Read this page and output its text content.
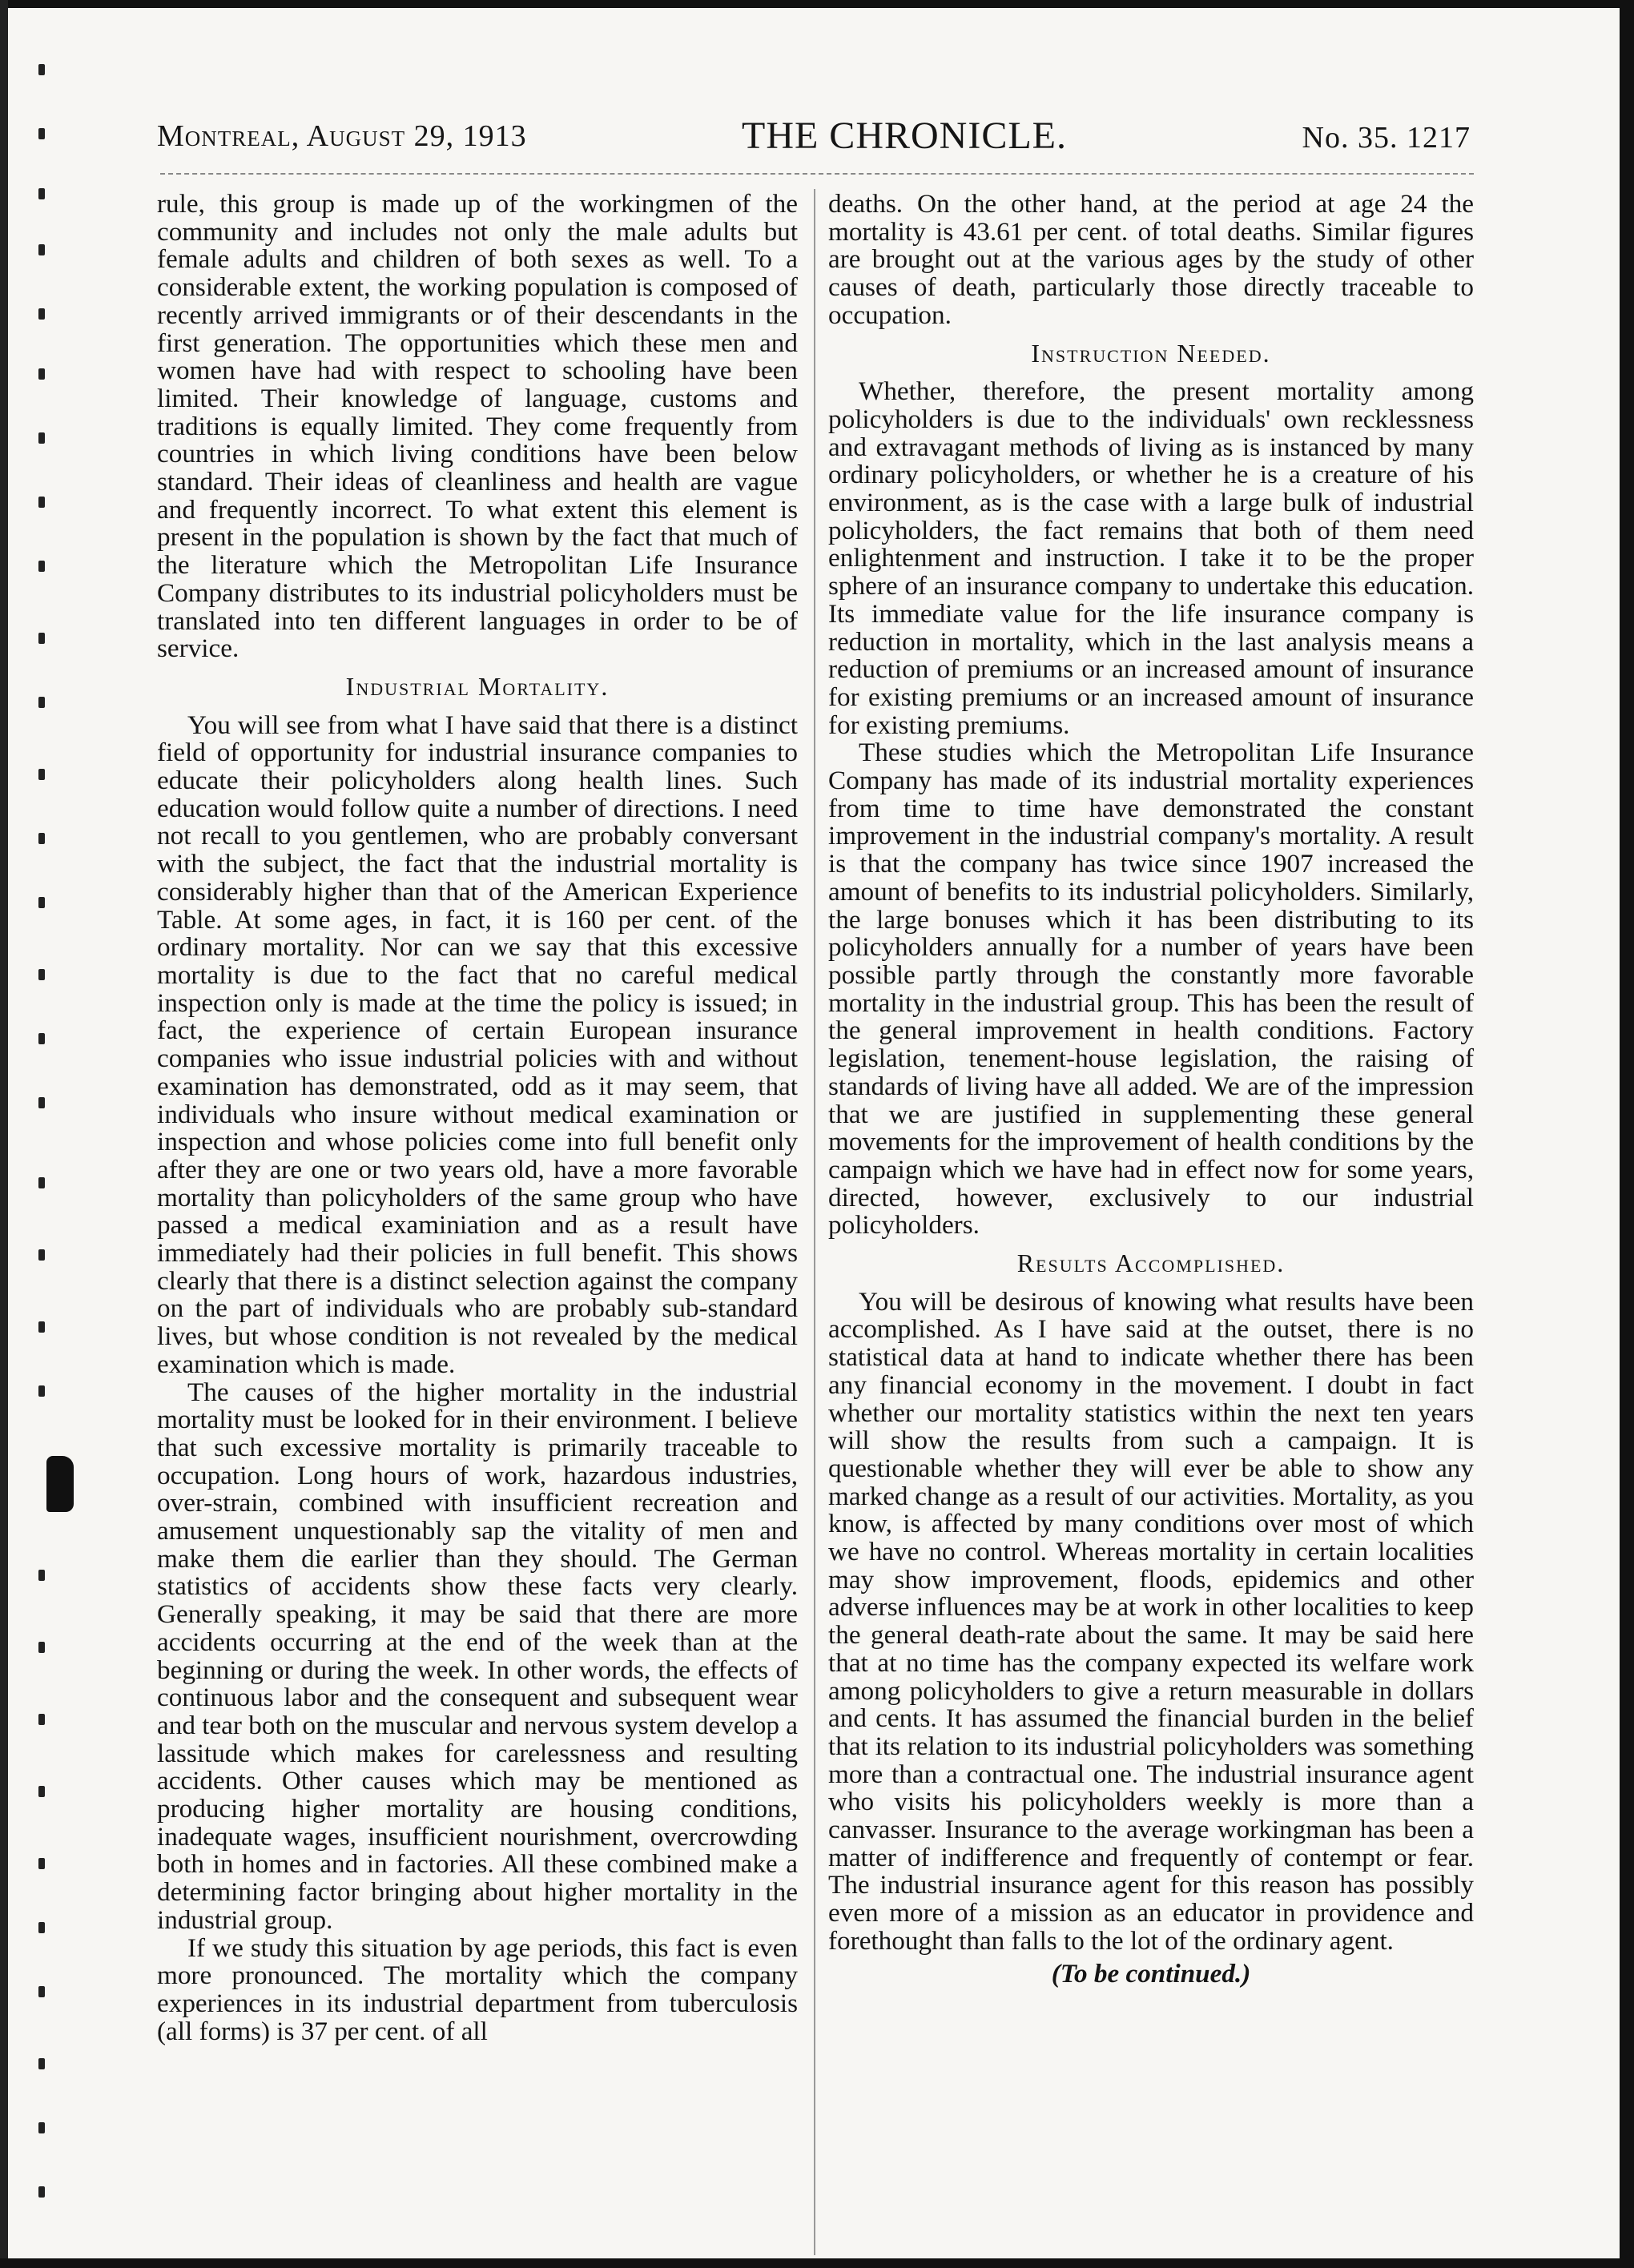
Montreal, August 29, 1913	THE CHRONICLE.	No. 35. 1217

rule, this group is made up of the workingmen of the community and includes not only the male adults but female adults and children of both sexes as well. To a considerable extent, the working population is composed of recently arrived immigrants or of their descendants in the first generation. The opportunities which these men and women have had with respect to schooling have been limited. Their knowledge of language, customs and traditions is equally limited. They come frequently from countries in which living conditions have been below standard. Their ideas of cleanliness and health are vague and frequently incorrect. To what extent this element is present in the population is shown by the fact that much of the literature which the Metropolitan Life Insurance Company distributes to its industrial policyholders must be translated into ten different languages in order to be of service.

Industrial Mortality.

You will see from what I have said that there is a distinct field of opportunity for industrial insurance companies to educate their policyholders along health lines. Such education would follow quite a number of directions. I need not recall to you gentlemen, who are probably conversant with the subject, the fact that the industrial mortality is considerably higher than that of the American Experience Table. At some ages, in fact, it is 160 per cent. of the ordinary mortality. Nor can we say that this excessive mortality is due to the fact that no careful medical inspection only is made at the time the policy is issued; in fact, the experience of certain European insurance companies who issue industrial policies with and without examination has demonstrated, odd as it may seem, that individuals who insure without medical examination or inspection and whose policies come into full benefit only after they are one or two years old, have a more favorable mortality than policyholders of the same group who have passed a medical examiniation and as a result have immediately had their policies in full benefit. This shows clearly that there is a distinct selection against the company on the part of individuals who are probably sub-standard lives, but whose condition is not revealed by the medical examination which is made.

The causes of the higher mortality in the industrial mortality must be looked for in their environment. I believe that such excessive mortality is primarily traceable to occupation. Long hours of work, hazardous industries, over-strain, combined with insufficient recreation and amusement unquestionably sap the vitality of men and make them die earlier than they should. The German statistics of accidents show these facts very clearly. Generally speaking, it may be said that there are more accidents occurring at the end of the week than at the beginning or during the week. In other words, the effects of continuous labor and the consequent and subsequent wear and tear both on the muscular and nervous system develop a lassitude which makes for carelessness and resulting accidents. Other causes which may be mentioned as producing higher mortality are housing conditions, inadequate wages, insufficient nourishment, overcrowding both in homes and in factories. All these combined make a determining factor bringing about higher mortality in the industrial group.

If we study this situation by age periods, this fact is even more pronounced. The mortality which the company experiences in its industrial department from tuberculosis (all forms) is 37 per cent. of all

deaths. On the other hand, at the period at age 24 the mortality is 43.61 per cent. of total deaths. Similar figures are brought out at the various ages by the study of other causes of death, particularly those directly traceable to occupation.

Instruction Needed.

Whether, therefore, the present mortality among policyholders is due to the individuals' own recklessness and extravagant methods of living as is instanced by many ordinary policyholders, or whether he is a creature of his environment, as is the case with a large bulk of industrial policyholders, the fact remains that both of them need enlightenment and instruction. I take it to be the proper sphere of an insurance company to undertake this education. Its immediate value for the life insurance company is reduction in mortality, which in the last analysis means a reduction of premiums or an increased amount of insurance for existing premiums or an increased amount of insurance for existing premiums.

These studies which the Metropolitan Life Insurance Company has made of its industrial mortality experiences from time to time have demonstrated the constant improvement in the industrial company's mortality. A result is that the company has twice since 1907 increased the amount of benefits to its industrial policyholders. Similarly, the large bonuses which it has been distributing to its policyholders annually for a number of years have been possible partly through the constantly more favorable mortality in the industrial group. This has been the result of the general improvement in health conditions. Factory legislation, tenement-house legislation, the raising of standards of living have all added. We are of the impression that we are justified in supplementing these general movements for the improvement of health conditions by the campaign which we have had in effect now for some years, directed, however, exclusively to our industrial policyholders.

Results Accomplished.

You will be desirous of knowing what results have been accomplished. As I have said at the outset, there is no statistical data at hand to indicate whether there has been any financial economy in the movement. I doubt in fact whether our mortality statistics within the next ten years will show the results from such a campaign. It is questionable whether they will ever be able to show any marked change as a result of our activities. Mortality, as you know, is affected by many conditions over most of which we have no control. Whereas mortality in certain localities may show improvement, floods, epidemics and other adverse influences may be at work in other localities to keep the general death-rate about the same. It may be said here that at no time has the company expected its welfare work among policyholders to give a return measurable in dollars and cents. It has assumed the financial burden in the belief that its relation to its industrial policyholders was something more than a contractual one. The industrial insurance agent who visits his policyholders weekly is more than a canvasser. Insurance to the average workingman has been a matter of indifference and frequently of contempt or fear. The industrial insurance agent for this reason has possibly even more of a mission as an educator in providence and forethought than falls to the lot of the ordinary agent.

(To be continued.)
